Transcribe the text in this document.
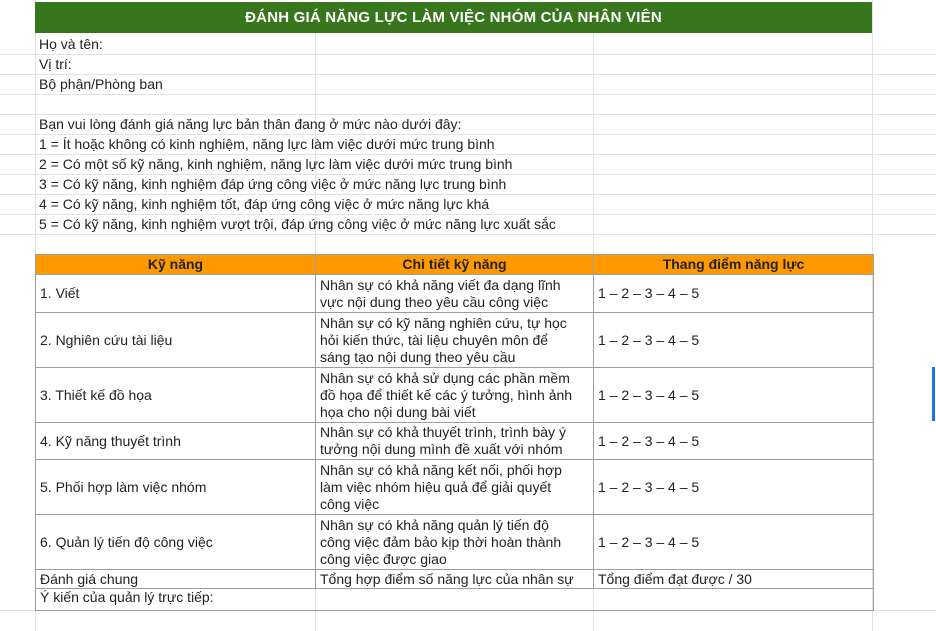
ĐÁNH GIÁ NĂNG LỰC LÀM VIỆC NHÓM CỦA NHÂN VIÊN
Họ và tên:
Vị trí:
Bộ phận/Phòng ban
Bạn vui lòng đánh giá năng lực bản thân đang ở mức nào dưới đây:
1 = Ít hoặc không có kinh nghiệm, năng lực làm việc dưới mức trung bình
2 = Có một số kỹ năng, kinh nghiệm, năng lực làm việc dưới mức trung bình
3 = Có kỹ năng, kinh nghiệm đáp ứng công việc ở mức năng lực trung bình
4 = Có kỹ năng, kinh nghiệm tốt, đáp ứng công việc ở mức năng lực khá
5 = Có kỹ năng, kinh nghiệm vượt trội, đáp ứng công việc ở mức năng lực xuất sắc
Kỹ năng	Chi tiết kỹ năng	Thang điểm năng lực
1. Viết	Nhân sự có khả năng viết đa dạng lĩnh
vực nội dung theo yêu cầu công việc	1 – 2 – 3 – 4 – 5
2. Nghiên cứu tài liệu	Nhân sự có kỹ năng nghiên cứu, tự học
hỏi kiến thức, tài liệu chuyên môn để
sáng tạo nội dung theo yêu cầu	1 – 2 – 3 – 4 – 5
3. Thiết kế đồ họa	Nhân sự có khả sử dụng các phần mềm
đồ họa để thiết kế các ý tưởng, hình ảnh
họa cho nội dung bài viết	1 – 2 – 3 – 4 – 5
4. Kỹ năng thuyết trình	Nhân sự có khả thuyết trình, trình bày ý
tưởng nội dung mình đề xuất với nhóm	1 – 2 – 3 – 4 – 5
5. Phối hợp làm việc nhóm	Nhân sự có khả năng kết nối, phối hợp
làm việc nhóm hiệu quả để giải quyết
công việc	1 – 2 – 3 – 4 – 5
6. Quản lý tiến độ công việc	Nhân sự có khả năng quản lý tiến độ
công việc đảm bảo kịp thời hoàn thành
công việc được giao	1 – 2 – 3 – 4 – 5
Đánh giá chung	Tổng hợp điểm số năng lực của nhân sự	Tổng điểm đạt được / 30
Ý kiến của quản lý trực tiếp:		
